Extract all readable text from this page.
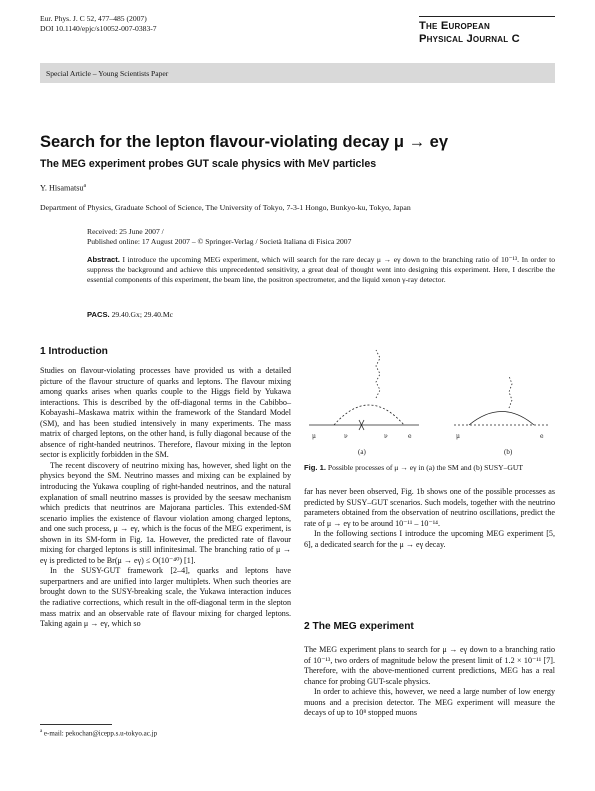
Eur. Phys. J. C 52, 477–485 (2007)
DOI 10.1140/epjc/s10052-007-0383-7	The European
Physical Journal C
Special Article – Young Scientists Paper
Search for the lepton flavour-violating decay μ → eγ
The MEG experiment probes GUT scale physics with MeV particles
Y. Hisamatsu$^a$
Department of Physics, Graduate School of Science, The University of Tokyo, 7-3-1 Hongo, Bunkyo-ku, Tokyo, Japan
Received: 25 June 2007 /
Published online: 17 August 2007 – © Springer-Verlag / Società Italiana di Fisica 2007
Abstract. I introduce the upcoming MEG experiment, which will search for the rare decay μ → eγ down to the branching ratio of 10⁻¹³. In order to suppress the background and achieve this unprecedented sensitivity, a great deal of thought went into designing this experiment. Here, I describe the essential components of this experiment, the beam line, the positron spectrometer, and the liquid xenon γ-ray detector.
PACS. 29.40.Gx; 29.40.Mc
1 Introduction

Studies on flavour-violating processes have provided us with a detailed picture of the flavour structure of quarks and leptons. The flavour mixing among quarks arises when quarks couple to the Higgs field by Yukawa interactions. This is described by the off-diagonal terms in the Cabibbo–Kobayashi–Maskawa matrix within the framework of the Standard Model (SM), and has been studied intensively in many experiments. The mass matrix of charged leptons, on the other hand, is fully diagonal because of the absence of right-handed neutrinos. Therefore, flavour mixing in the lepton sector is explicitly forbidden in the SM.

The recent discovery of neutrino mixing has, however, shed light on the physics beyond the SM. Neutrino masses and mixing can be explained by introducing the Yukawa coupling of right-handed neutrinos, and the natural explanation of small neutrino masses is provided by the seesaw mechanism which predicts that neutrinos are Majorana particles. This extended-SM scenario implies the existence of flavour violation among charged leptons, and one such process, μ → eγ, which is the focus of the MEG experiment, is shown in its SM-form in Fig. 1a. However, the predicted rate of flavour mixing for charged leptons is still infinitesimal. The branching ratio of μ → eγ is predicted to be Br(μ → eγ) ≤ O(10⁻⁴⁰) [1].

In the SUSY-GUT framework [2–4], quarks and leptons have superpartners and are unified into larger multiplets. When such theories are brought down to the SUSY-breaking scale, the Yukawa interaction induces the radiative corrections, which result in the off-diagonal term in the slepton mass matrix and an observable rate of flavour mixing for charged leptons. Taking again μ → eγ, which so

μ	ν	ν	e
(a)
μ	e
(b)
Fig. 1. Possible processes of μ → eγ in (a) the SM and (b) SUSY–GUT

far has never been observed, Fig. 1b shows one of the possible processes as predicted by SUSY–GUT scenarios. Such models, together with the neutrino parameters obtained from the observation of neutrino oscillations, predict the rate of μ → eγ to be around 10⁻¹¹ – 10⁻¹⁴.

In the following sections I introduce the upcoming MEG experiment [5, 6], a dedicated search for the μ → eγ decay.

2 The MEG experiment

The MEG experiment plans to search for μ → eγ down to a branching ratio of 10⁻¹³, two orders of magnitude below the present limit of 1.2 × 10⁻¹¹ [7]. Therefore, with the above-mentioned current predictions, MEG has a real chance for probing GUT-scale physics.

In order to achieve this, however, we need a large number of low energy muons and a precision detector. The MEG experiment will measure the decays of up to 10⁸ stopped muons

$^a$ e-mail: pekochan@icepp.s.u-tokyo.ac.jp
